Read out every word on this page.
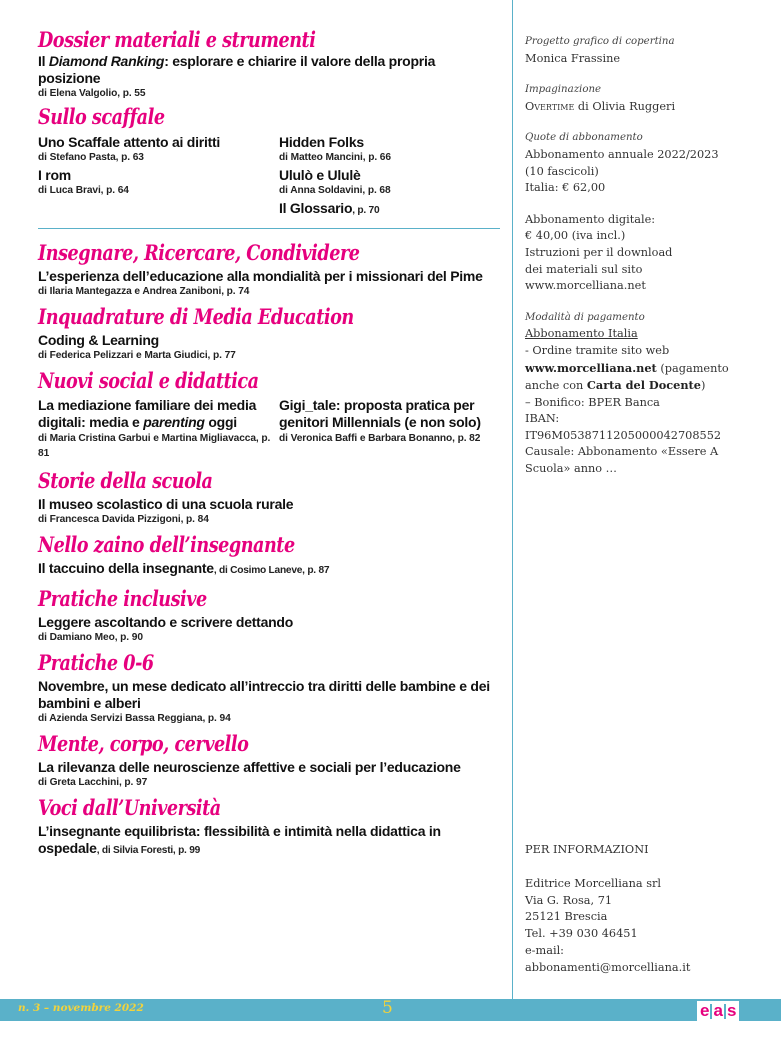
Dossier materiali e strumenti

Il Diamond Ranking: esplorare e chiarire il valore della propria posizione

di Elena Valgolio, p. 55

Sullo scaffale

Uno Scaffale attento ai diritti

di Stefano Pasta, p. 63

I rom

di Luca Bravi, p. 64

Hidden Folks

di Matteo Mancini, p. 66

Ululò e Ululè

di Anna Soldavini, p. 68

Il Glossario, p. 70

Insegnare, Ricercare, Condividere

L’esperienza dell’educazione alla mondialità per i missionari del Pime

di Ilaria Mantegazza e Andrea Zaniboni, p. 74

Inquadrature di Media Education

Coding & Learning

di Federica Pelizzari e Marta Giudici, p. 77

Nuovi social e didattica

La mediazione familiare dei media digitali: media e parenting oggi

di Maria Cristina Garbui e Martina Migliavacca, p. 81

Gigi_tale: proposta pratica per genitori Millennials (e non solo)

di Veronica Baffi e Barbara Bonanno, p. 82

Storie della scuola

Il museo scolastico di una scuola rurale

di Francesca Davida Pizzigoni, p. 84

Nello zaino dell’insegnante

Il taccuino della insegnante, di Cosimo Laneve, p. 87

Pratiche inclusive

Leggere ascoltando e scrivere dettando

di Damiano Meo, p. 90

Pratiche 0-6

Novembre, un mese dedicato all’intreccio tra diritti delle bambine e dei bambini e alberi

di Azienda Servizi Bassa Reggiana, p. 94

Mente, corpo, cervello

La rilevanza delle neuroscienze affettive e sociali per l’educazione

di Greta Lacchini, p. 97

Voci dall’Università

L’insegnante equilibrista: flessibilità e intimità nella didattica in ospedale, di Silvia Foresti, p. 99

Progetto grafico di copertina
Monica Frassine
Impaginazione
Overtime di Olivia Ruggeri
Quote di abbonamento
Abbonamento annuale 2022/2023
(10 fascicoli)
Italia: € 62,00
Abbonamento digitale:
€ 40,00 (iva incl.)
Istruzioni per il download
dei materiali sul sito
www.morcelliana.net
Modalità di pagamento
Abbonamento Italia
- Ordine tramite sito web
www.morcelliana.net (pagamento anche con Carta del Docente)
– Bonifico: BPER Banca
IBAN:
IT96M0538711205000042708552
Causale: Abbonamento «Essere A Scuola» anno …
PER INFORMAZIONI
Editrice Morcelliana srl
Via G. Rosa, 71
25121 Brescia
Tel. +39 030 46451
e-mail:
abbonamenti@morcelliana.it
n. 3 – novembre 2022	5	e a s
